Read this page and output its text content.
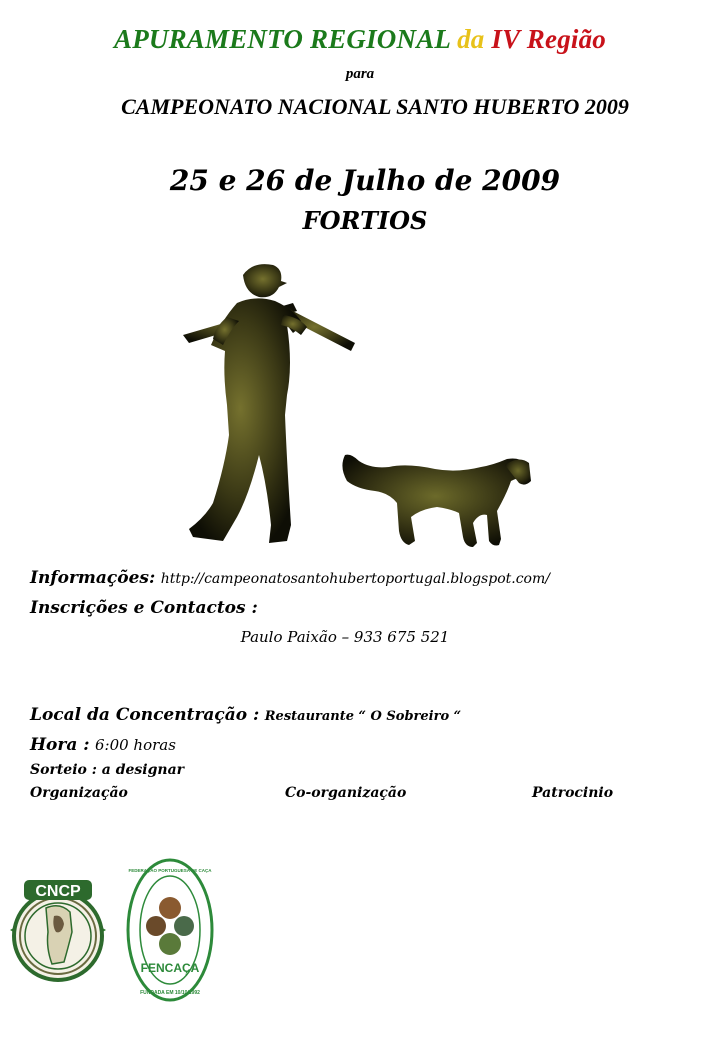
APURAMENTO REGIONAL da IV Região
para
CAMPEONATO NACIONAL SANTO HUBERTO 2009
25 e 26 de Julho de 2009
FORTIOS
Informações: http://campeonatosantohubertoportugal.blogspot.com/
Inscrições e Contactos :
Paulo Paixão – 933 675 521
Local da Concentração : Restaurante “ O Sobreiro “
Hora : 6:00 horas
Sorteio : a designar
Organização	Co-organização	Patrocinio
CNCP
FENCAÇA
FEDERAÇÃO PORTUGUESA DE CAÇA
FUNDADA EM 10/10/1992
